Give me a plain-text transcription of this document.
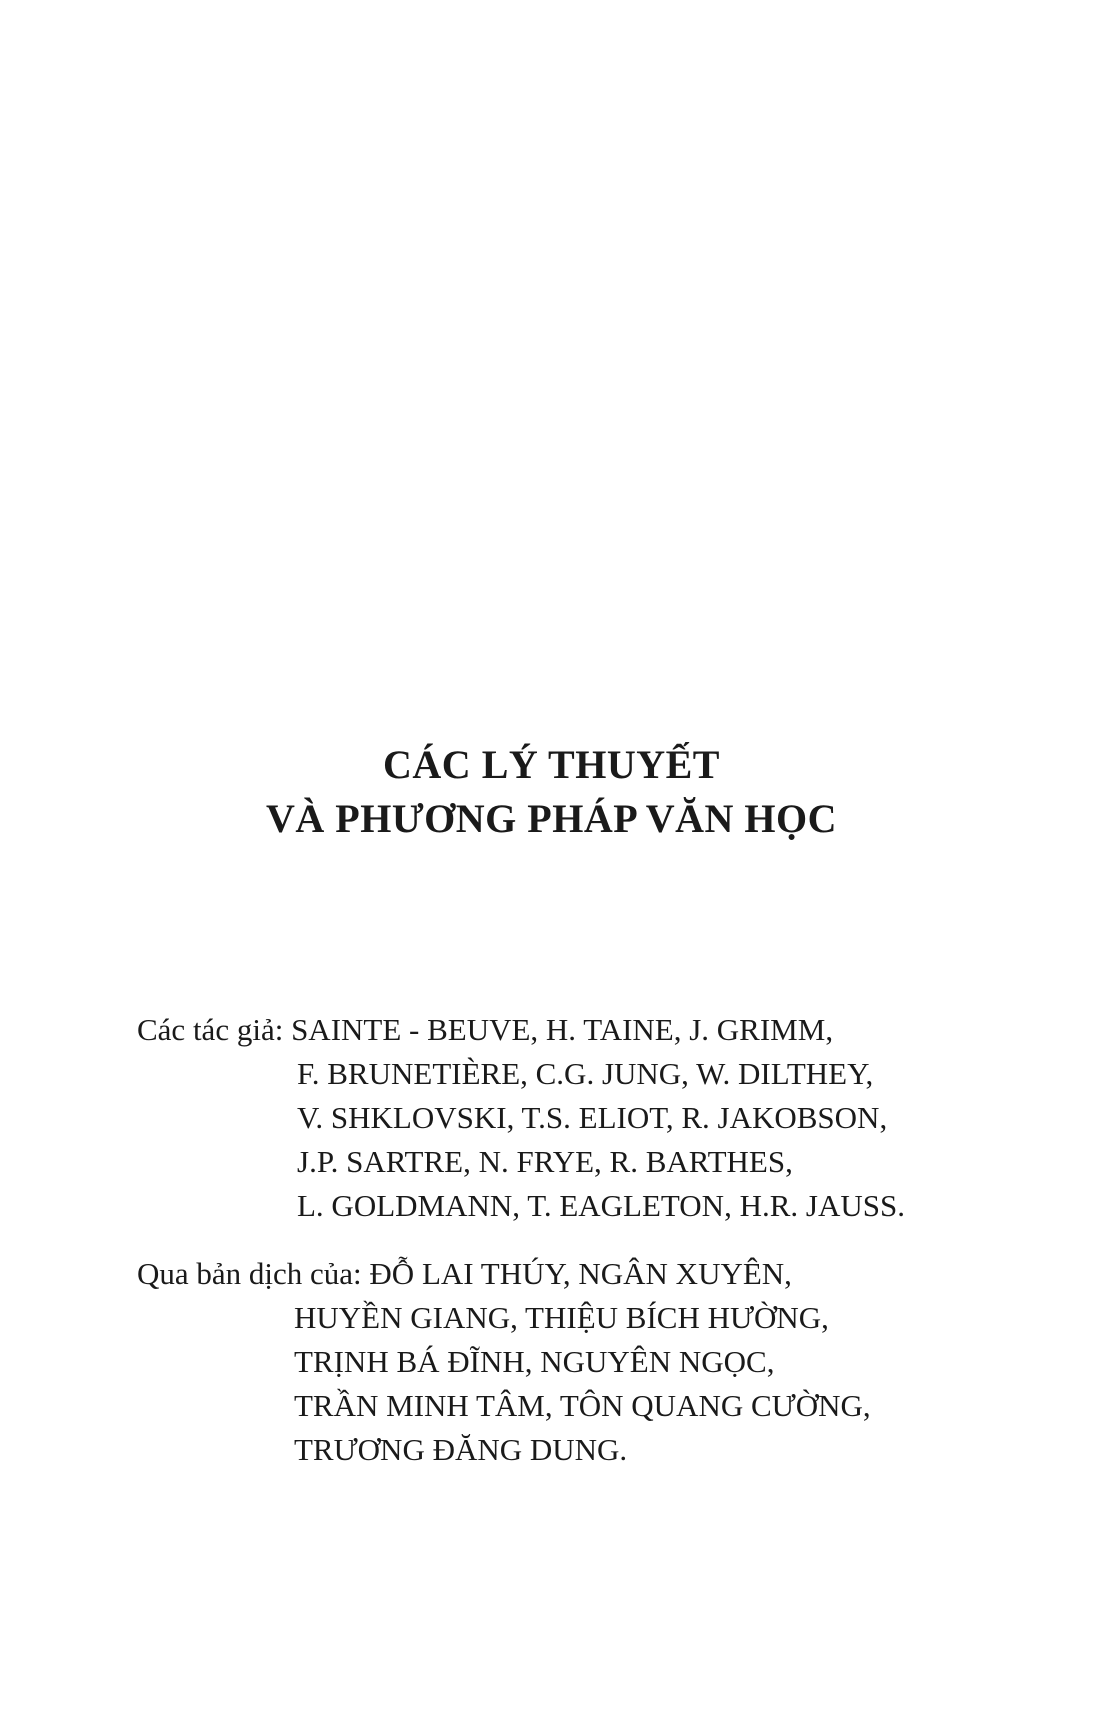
CÁC LÝ THUYẾT
VÀ PHƯƠNG PHÁP VĂN HỌC
Các tác giả: SAINTE - BEUVE, H. TAINE, J. GRIMM,
F. BRUNETIÈRE, C.G. JUNG, W. DILTHEY,
V. SHKLOVSKI, T.S. ELIOT, R. JAKOBSON,
J.P. SARTRE, N. FRYE, R. BARTHES,
L. GOLDMANN, T. EAGLETON, H.R. JAUSS.
Qua bản dịch của: ĐỖ LAI THÚY, NGÂN XUYÊN,
HUYỀN GIANG, THIỆU BÍCH HƯỜNG,
TRỊNH BÁ ĐĨNH, NGUYÊN NGỌC,
TRẦN MINH TÂM, TÔN QUANG CƯỜNG,
TRƯƠNG ĐĂNG DUNG.
